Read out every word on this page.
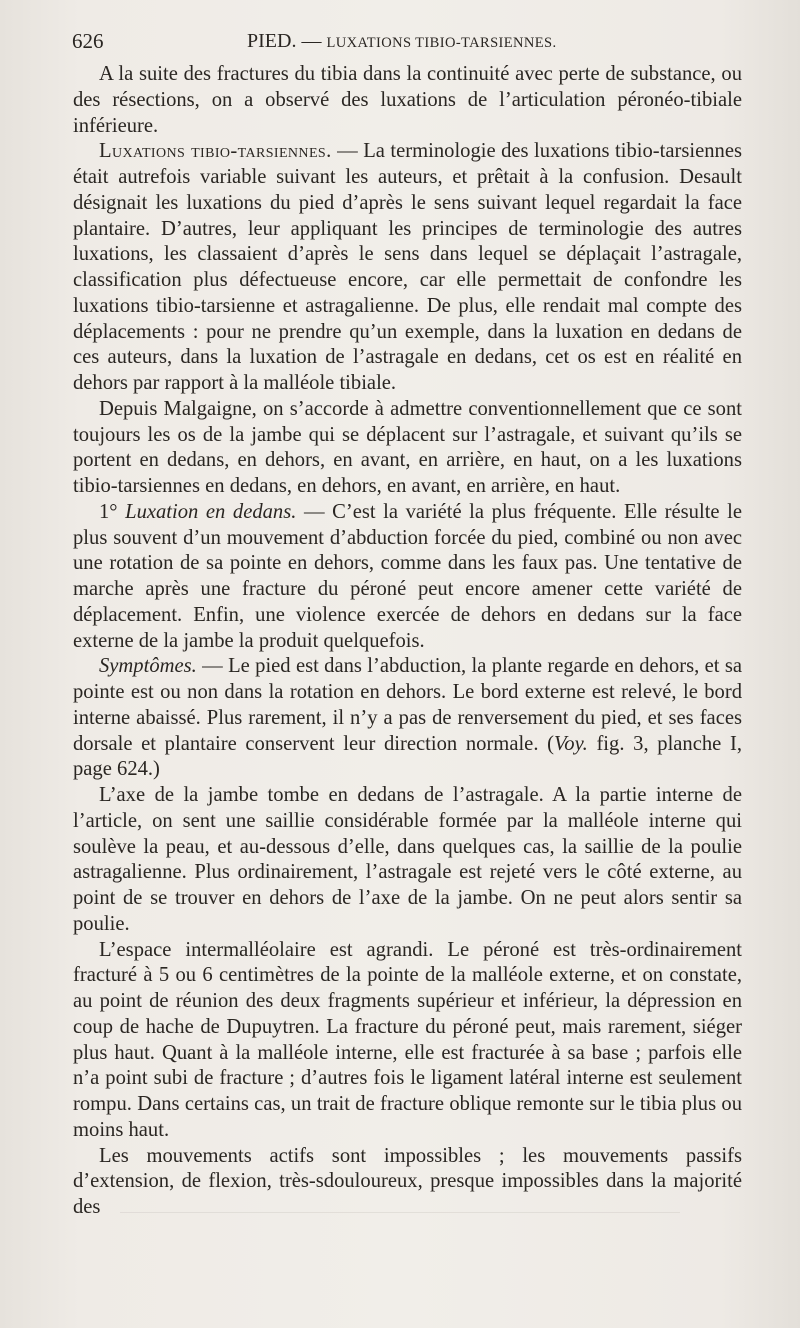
626	PIED. — LUXATIONS TIBIO-TARSIENNES.

A la suite des fractures du tibia dans la continuité avec perte de substance, ou des résections, on a observé des luxations de l’articulation péronéo-tibiale inférieure.

Luxations tibio-tarsiennes. — La terminologie des luxations tibio-tarsiennes était autrefois variable suivant les auteurs, et prêtait à la confusion. Desault désignait les luxations du pied d’après le sens suivant lequel regardait la face plantaire. D’autres, leur appliquant les principes de terminologie des autres luxations, les classaient d’après le sens dans lequel se déplaçait l’astragale, classification plus défectueuse encore, car elle permettait de confondre les luxations tibio-tarsienne et astragalienne. De plus, elle rendait mal compte des déplacements : pour ne prendre qu’un exemple, dans la luxation en dedans de ces auteurs, dans la luxation de l’astragale en dedans, cet os est en réalité en dehors par rapport à la malléole tibiale.

Depuis Malgaigne, on s’accorde à admettre conventionnellement que ce sont toujours les os de la jambe qui se déplacent sur l’astragale, et suivant qu’ils se portent en dedans, en dehors, en avant, en arrière, en haut, on a les luxations tibio-tarsiennes en dedans, en dehors, en avant, en arrière, en haut.

1° Luxation en dedans. — C’est la variété la plus fréquente. Elle résulte le plus souvent d’un mouvement d’abduction forcée du pied, combiné ou non avec une rotation de sa pointe en dehors, comme dans les faux pas. Une tentative de marche après une fracture du péroné peut encore amener cette variété de déplacement. Enfin, une violence exercée de dehors en dedans sur la face externe de la jambe la produit quelquefois.

Symptômes. — Le pied est dans l’abduction, la plante regarde en dehors, et sa pointe est ou non dans la rotation en dehors. Le bord externe est relevé, le bord interne abaissé. Plus rarement, il n’y a pas de renversement du pied, et ses faces dorsale et plantaire conservent leur direction normale. (Voy. fig. 3, planche I, page 624.)

L’axe de la jambe tombe en dedans de l’astragale. A la partie interne de l’article, on sent une saillie considérable formée par la malléole interne qui soulève la peau, et au-dessous d’elle, dans quelques cas, la saillie de la poulie astragalienne. Plus ordinairement, l’astragale est rejeté vers le côté externe, au point de se trouver en dehors de l’axe de la jambe. On ne peut alors sentir sa poulie.

L’espace intermalléolaire est agrandi. Le péroné est très-ordinairement fracturé à 5 ou 6 centimètres de la pointe de la malléole externe, et on constate, au point de réunion des deux fragments supérieur et inférieur, la dépression en coup de hache de Dupuytren. La fracture du péroné peut, mais rarement, siéger plus haut. Quant à la malléole interne, elle est fracturée à sa base ; parfois elle n’a point subi de fracture ; d’autres fois le ligament latéral interne est seulement rompu. Dans certains cas, un trait de fracture oblique remonte sur le tibia plus ou moins haut.

Les mouvements actifs sont impossibles ; les mouvements passifs d’extension, de flexion, très-sdouloureux, presque impossibles dans la majorité des
